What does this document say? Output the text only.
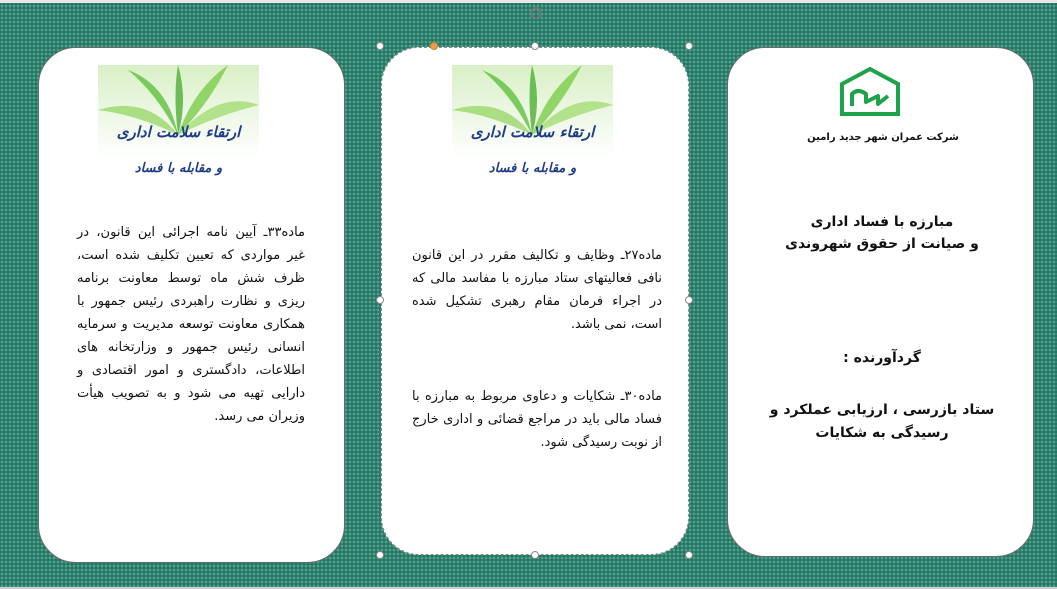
ارتقاء سلامت اداری
و مقابله با فساد
ماده۳۳ـ آیین نامه اجرائی این قانون، در غیر مواردی که تعیین تکلیف شده است، ظرف شش ماه توسط معاونت برنامه ریزی و نظارت راهبردی رئیس جمهور با همکاری معاونت توسعه مدیریت و سرمایه انسانی رئیس جمهور و وزارتخانه های اطلاعات، دادگستری و امور اقتصادی و دارایی تهیه می شود و به تصویب هیأت وزیران می رسد.
ارتقاء سلامت اداری
و مقابله با فساد
ماده۲۷ـ وظایف و تکالیف مقرر در این قانون نافی فعالیتهای ستاد مبارزه با مفاسد مالی که در اجراء فرمان مقام رهبری تشکیل شده است، نمی باشد.
ماده۳۰ـ شکایات و دعاوی مربوط به مبارزه با فساد مالی باید در مراجع قضائی و اداری خارج از نوبت رسیدگی شود.
شرکت عمران شهر جدید رامین
مبارزه با فساد اداری
و صیانت از حقوق شهروندی
گردآورنده :
ستاد بازرسی ، ارزیابی عملکرد و
رسیدگی به شکایات
